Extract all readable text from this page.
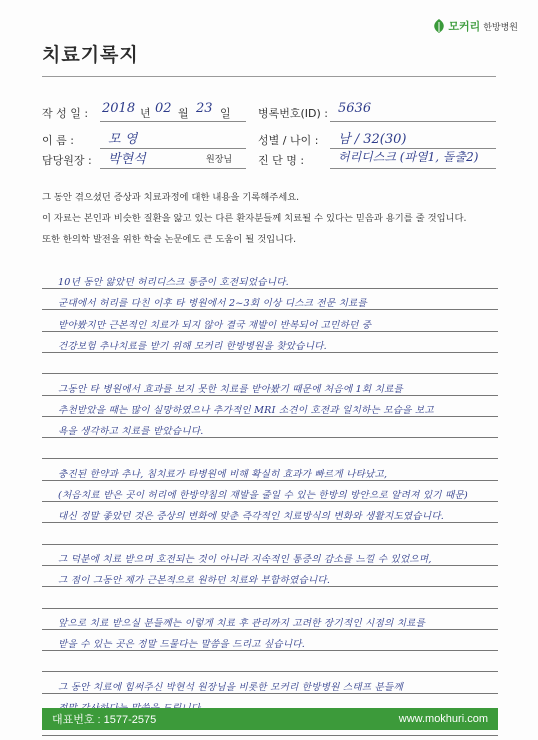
모커리 한방병원
치료기록지
작 성 일 : 2018 년 02 월 23 일 병록번호(ID) : 5636
이 름 :	모 영	성별 / 나이 : 남 / 32(30)
담당원장 : 박현석	원장님 진 단 명 :	허리디스크 (파열1, 돌출2)
그 동안 겪으셨던 증상과 치료과정에 대한 내용을 기록해주세요.
이 자료는 본인과 비슷한 질환을 앓고 있는 다른 환자분들께 치료될 수 있다는 믿음과 용기를 줄 것입니다.
또한 한의학 발전을 위한 학술 논문에도 큰 도움이 될 것입니다.
10년 동안 앓았던 허리디스크 통증이 호전되었습니다.
군대에서 허리를 다친 이후 타 병원에서 2~3회 이상 디스크 전문 치료를
받아봤지만 근본적인 치료가 되지 않아 결국 재발이 반복되어 고민하던 중
건강보험 추나치료를 받기 위해 모커리 한방병원을 찾았습니다.
그동안 타 병원에서 효과를 보지 못한 치료를 받아봤기 때문에 처음에 1회 치료를
추천받았을 때는 많이 실망하였으나 추가적인 MRI 소견이 호전과 일치하는 모습을 보고
욕을 생각하고 치료를 받았습니다.
충진된 한약과 추나, 침치료가 타병원에 비해 확실히 효과가 빠르게 나타났고,
(처음치료 받은 곳이 허리에 한방약침의 재발을 줄일 수 있는 한방의 방안으로 알려져 있기 때문)
대신 정말 좋았던 것은 증상의 변화에 맞춘 즉각적인 치료방식의 변화와 생활지도였습니다.
그 덕분에 치료 받으며 호전되는 것이 아니라 지속적인 통증의 감소를 느낄 수 있었으며,
그 점이 그동안 제가 근본적으로 원하던 치료와 부합하였습니다.
앞으로 치료 받으실 분들께는 이렇게 치료 후 관리까지 고려한 장기적인 시점의 치료를
받을 수 있는 곳은 정말 드물다는 말씀을 드리고 싶습니다.
그 동안 치료에 힘써주신 박현석 원장님을 비롯한 모커리 한방병원 스태프 분들께
대표번호 : 1577-2575	www.mokhuri.com
